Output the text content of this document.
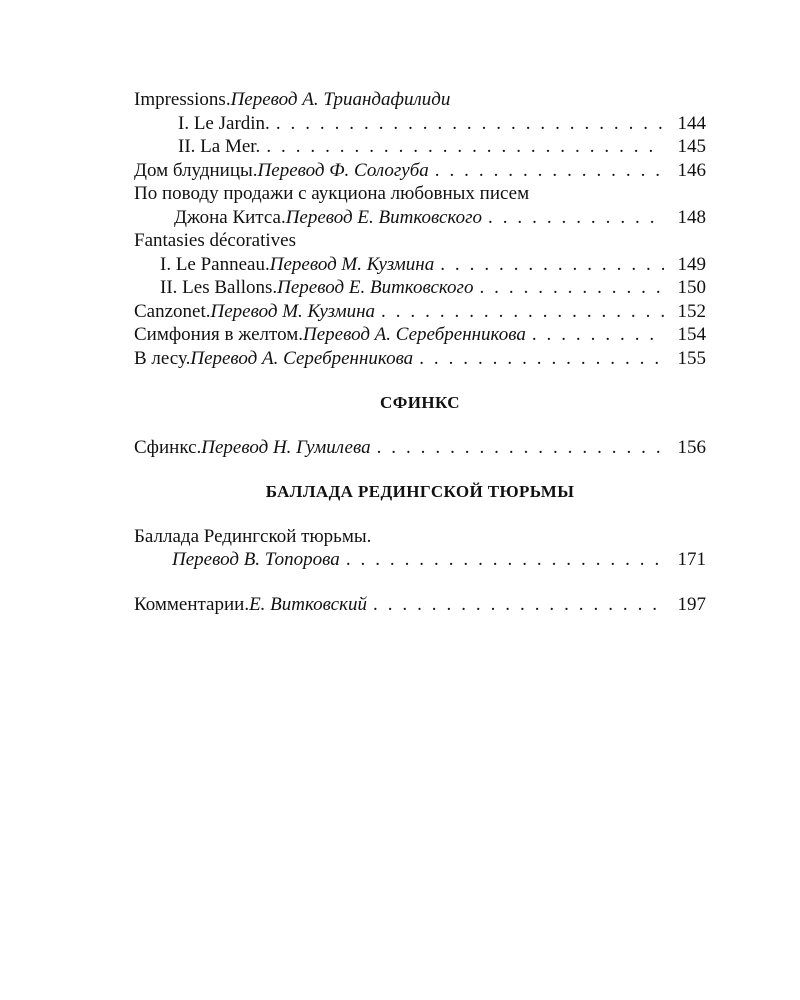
Impressions. Перевод А. Триандафилиди
I. Le Jardin. . . .	144
II. La Mer. . . .	145
Дом блудницы. Перевод Ф. Сологуба . . .	146
По поводу продажи с аукциона любовных писем
Джона Китса. Перевод Е. Витковского . . .	148
Fantasies décoratives
I. Le Panneau. Перевод М. Кузмина . . .	149
II. Les Ballons. Перевод Е. Витковского . . .	150
Canzonet. Перевод М. Кузмина . . .	152
Симфония в желтом. Перевод А. Серебренникова . . .	154
В лесу. Перевод А. Серебренникова . . .	155
СФИНКС
Сфинкс. Перевод Н. Гумилева . . .	156
БАЛЛАДА РЕДИНГСКОЙ ТЮРЬМЫ
Баллада Редингской тюрьмы.
Перевод В. Топорова . . .	171
Комментарии. Е. Витковский . . .	197
